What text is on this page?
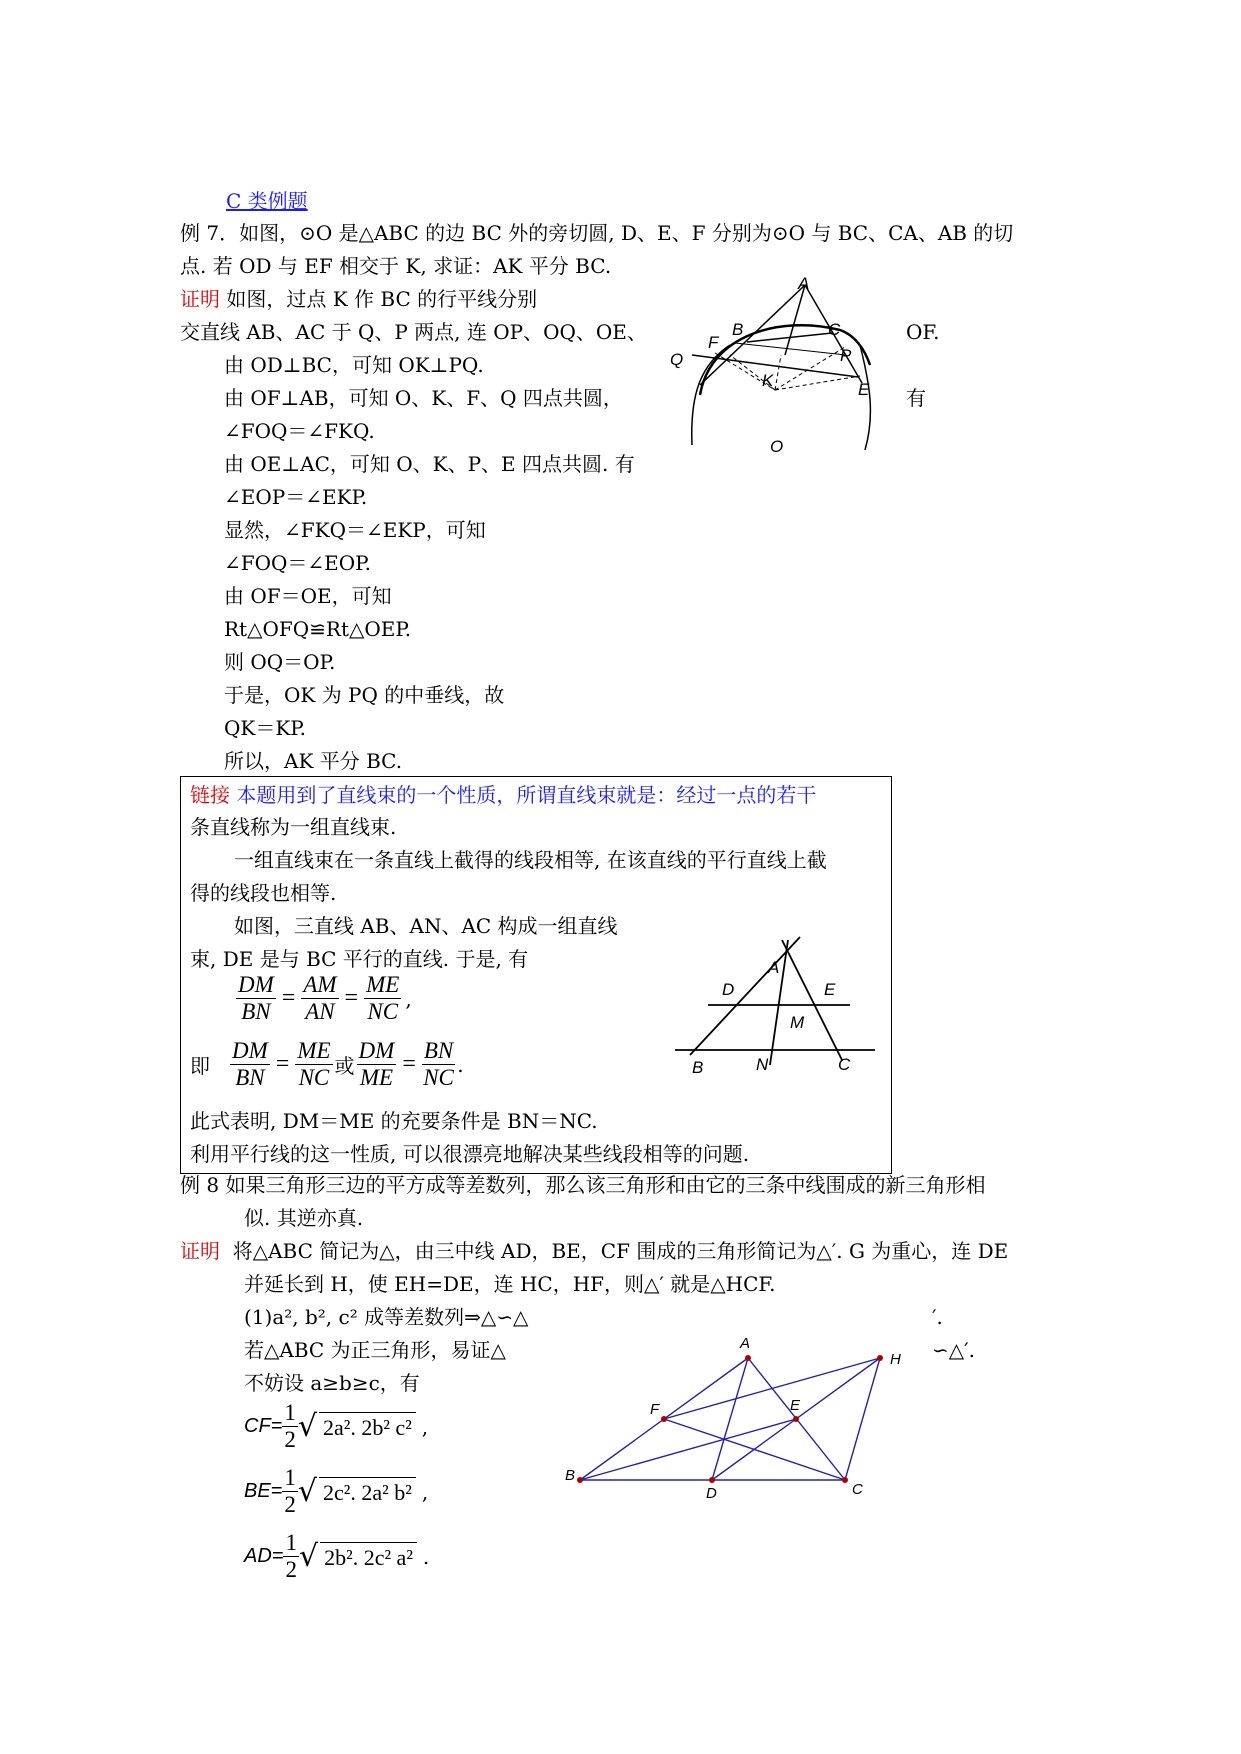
C 类例题
例 7．如图，⊙O 是△ABC 的边 BC 外的旁切圆, D、E、F 分别为⊙O 与 BC、CA、AB 的切
点. 若 OD 与 EF 相交于 K, 求证：AK 平分 BC.
证明 如图，过点 K 作 BC 的行平线分别
交直线 AB、AC 于 Q、P 两点, 连 OP、OQ、OE、	OF.
由 OD⊥BC，可知 OK⊥PQ.
由 OF⊥AB，可知 O、K、F、Q 四点共圆，	有
∠FOQ＝∠FKQ.
由 OE⊥AC，可知 O、K、P、E 四点共圆. 有
∠EOP＝∠EKP.
显然，∠FKQ＝∠EKP，可知
∠FOQ＝∠EOP.
由 OF＝OE，可知
Rt△OFQ≌Rt△OEP.
则 OQ＝OP.
于是，OK 为 PQ 的中垂线，故
QK＝KP.
所以，AK 平分 BC.
A
B	C
F
P
Q
K	E
O
链接 本题用到了直线束的一个性质，所谓直线束就是：经过一点的若干
条直线称为一组直线束.
一组直线束在一条直线上截得的线段相等, 在该直线的平行直线上截
得的线段也相等.
如图，三直线 AB、AN、AC 构成一组直线
束, DE 是与 BC 平行的直线. 于是, 有
$\frac{DM}{BN} = \frac{AM}{AN} = \frac{ME}{NC}$ ,
即 $\frac{DM}{BN} = \frac{ME}{NC}$ 或 $\frac{DM}{ME} = \frac{BN}{NC}$ .
此式表明, DM＝ME 的充要条件是 BN＝NC.
利用平行线的这一性质, 可以很漂亮地解决某些线段相等的问题.
A
D	E
M
B	N	C
例 8 如果三角形三边的平方成等差数列，那么该三角形和由它的三条中线围成的新三角形相
似. 其逆亦真.
证明 将△ABC 简记为△，由三中线 AD，BE，CF 围成的三角形简记为△′. G 为重心，连 DE
并延长到 H，使 EH=DE，连 HC，HF，则△′ 就是△HCF.
(1)a², b², c² 成等差数列⇒△∽△	′.
若△ABC 为正三角形，易证△	∽△′.
不妨设 a≥b≥c，有
$CF= \frac{1}{2}$ √ 2a². 2b² c² ,
$BE= \frac{1}{2}$ √ 2c². 2a² b² ,
$AD= \frac{1}{2}$ √ 2b². 2c² a² .
A
H
F	E
B
D	C
